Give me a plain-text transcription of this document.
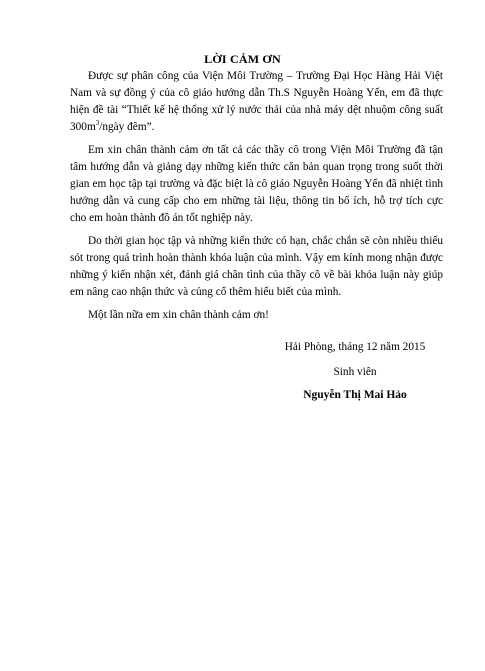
LỜI CẢM ƠN

Được sự phân công của Viện Môi Trường – Trường Đại Học Hàng Hải Việt Nam và sự đồng ý của cô giáo hướng dẫn Th.S Nguyễn Hoàng Yến, em đã thực hiện đề tài “Thiết kế hệ thống xử lý nước thải của nhà máy dệt nhuộm công suất $300m^3$/ngày đêm”.

Em xin chân thành cảm ơn tất cả các thầy cô trong Viện Môi Trường đã tận tâm hướng dẫn và giảng dạy những kiến thức căn bản quan trọng trong suốt thời gian em học tập tại trường và đặc biệt là cô giáo Nguyễn Hoàng Yến đã nhiệt tình hướng dẫn và cung cấp cho em những tài liệu, thông tin bổ ích, hỗ trợ tích cực cho em hoàn thành đồ án tốt nghiệp này.

Do thời gian học tập và những kiến thức có hạn, chắc chắn sẽ còn nhiều thiếu sót trong quá trình hoàn thành khóa luận của mình. Vậy em kính mong nhận được những ý kiến nhận xét, đánh giá chân tình của thầy cô về bài khóa luận này giúp em nâng cao nhận thức và củng cố thêm hiểu biết của mình.

Một lần nữa em xin chân thành cảm ơn!

Hải Phòng, tháng 12 năm 2015
Sinh viên
Nguyễn Thị Mai Hảo
